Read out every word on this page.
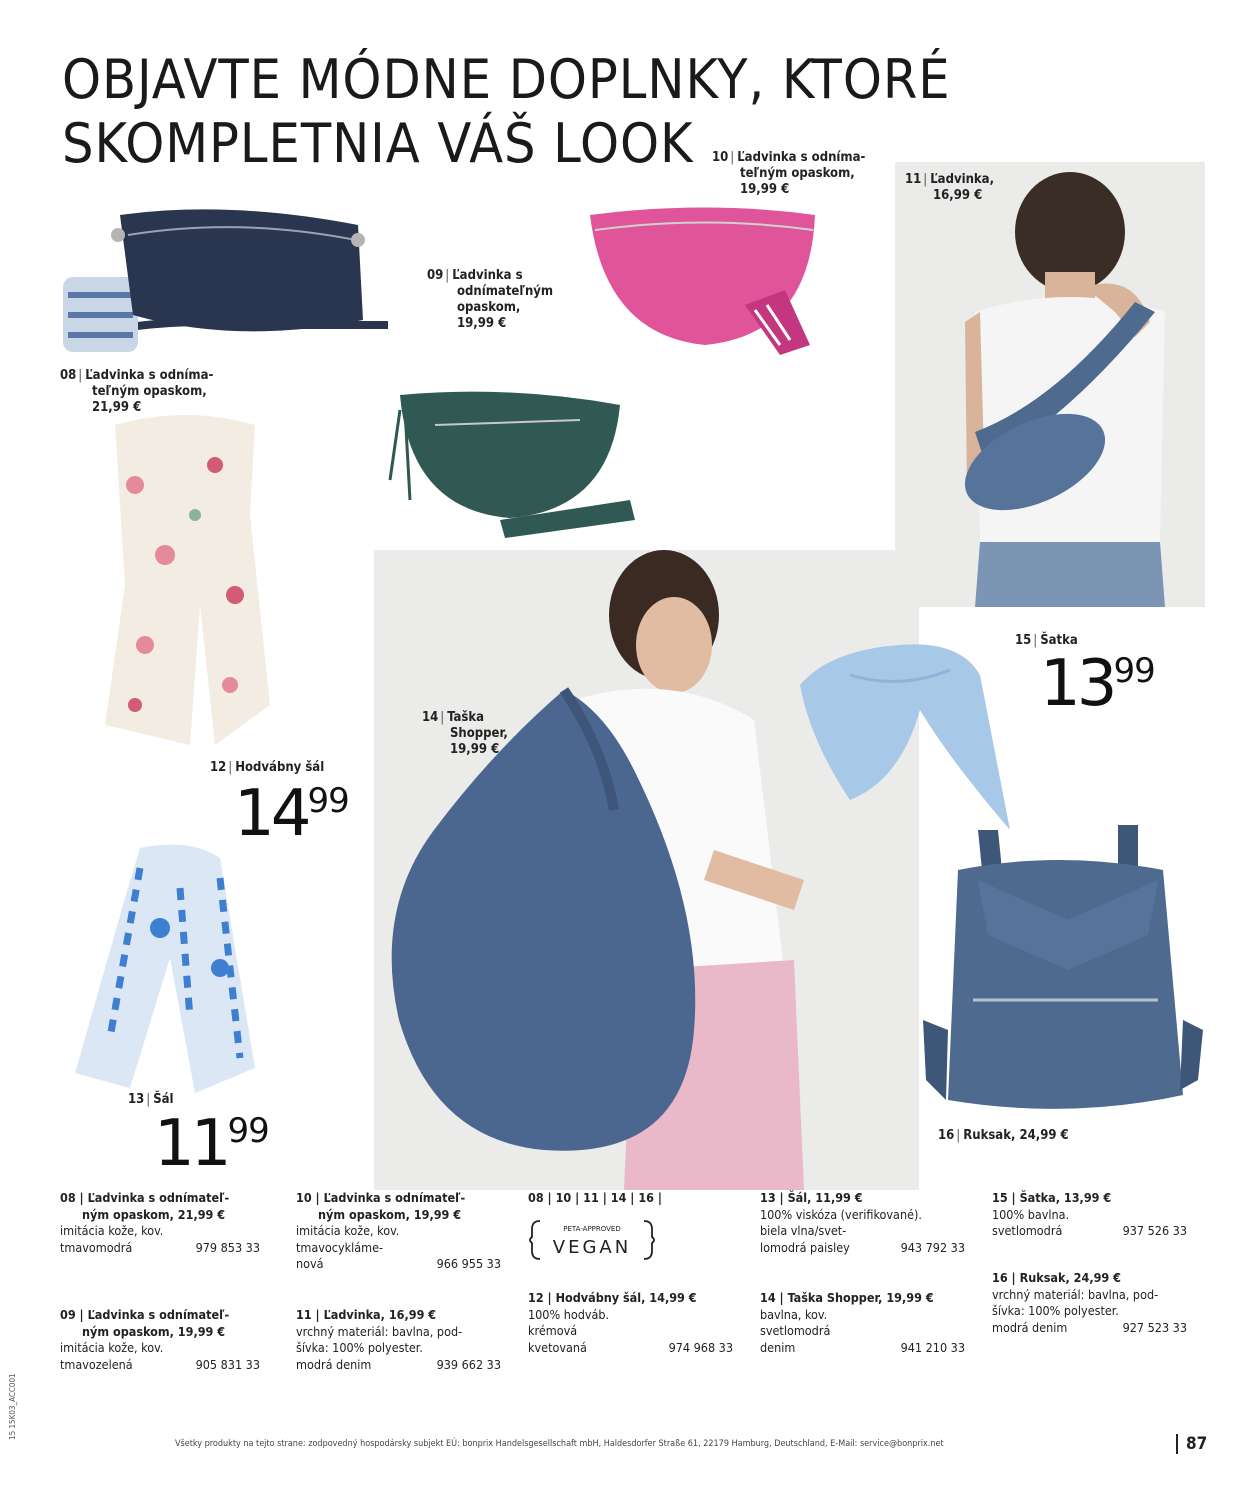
OBJAVTE MÓDNE DOPLNKY, KTORÉ
SKOMPLETNIA VÁŠ LOOK
08 | Ľadvinka s odníma-
teľným opaskom,
21,99 €
09 | Ľadvinka s
odnímateľným
opaskom,
19,99 €
10 | Ľadvinka s odníma-
teľným opaskom,
19,99 €
11 | Ľadvinka,
16,99 €
12 | Hodvábny šál
1499
13 | Šál
1199
14 | Taška
Shopper,
19,99 €
15 | Šatka
1399
16 | Ruksak, 24,99 €
08 | Ľadvinka s odnímateľ-
ným opaskom, 21,99 €
imitácia kože, kov.
tmavomodrá	979 853 33
09 | Ľadvinka s odnímateľ-
ným opaskom, 19,99 €
imitácia kože, kov.
tmavozelená	905 831 33
10 | Ľadvinka s odnímateľ-
ným opaskom, 19,99 €
imitácia kože, kov.
tmavocykláme-
nová	966 955 33
11 | Ľadvinka, 16,99 €
vrchný materiál: bavlna, pod-
šívka: 100% polyester.
modrá denim	939 662 33
08 | 10 | 11 | 14 | 16 |
PETA-APPROVED
VEGAN
12 | Hodvábny šál, 14,99 €
100% hodváb.
krémová
kvetovaná	974 968 33
13 | Šál, 11,99 €
100% viskóza (verifikované).
biela vlna/svet-
lomodrá paisley	943 792 33
14 | Taška Shopper, 19,99 €
bavlna, kov.
svetlomodrá
denim	941 210 33
15 | Šatka, 13,99 €
100% bavlna.
svetlomodrá	937 526 33
16 | Ruksak, 24,99 €
vrchný materiál: bavlna, pod-
šívka: 100% polyester.
modrá denim	927 523 33
Všetky produkty na tejto strane: zodpovedný hospodársky subjekt EÚ: bonprix Handelsgesellschaft mbH, Haldesdorfer Straße 61, 22179 Hamburg, Deutschland, E-Mail: service@bonprix.net	87
15 15K03_ACC001
